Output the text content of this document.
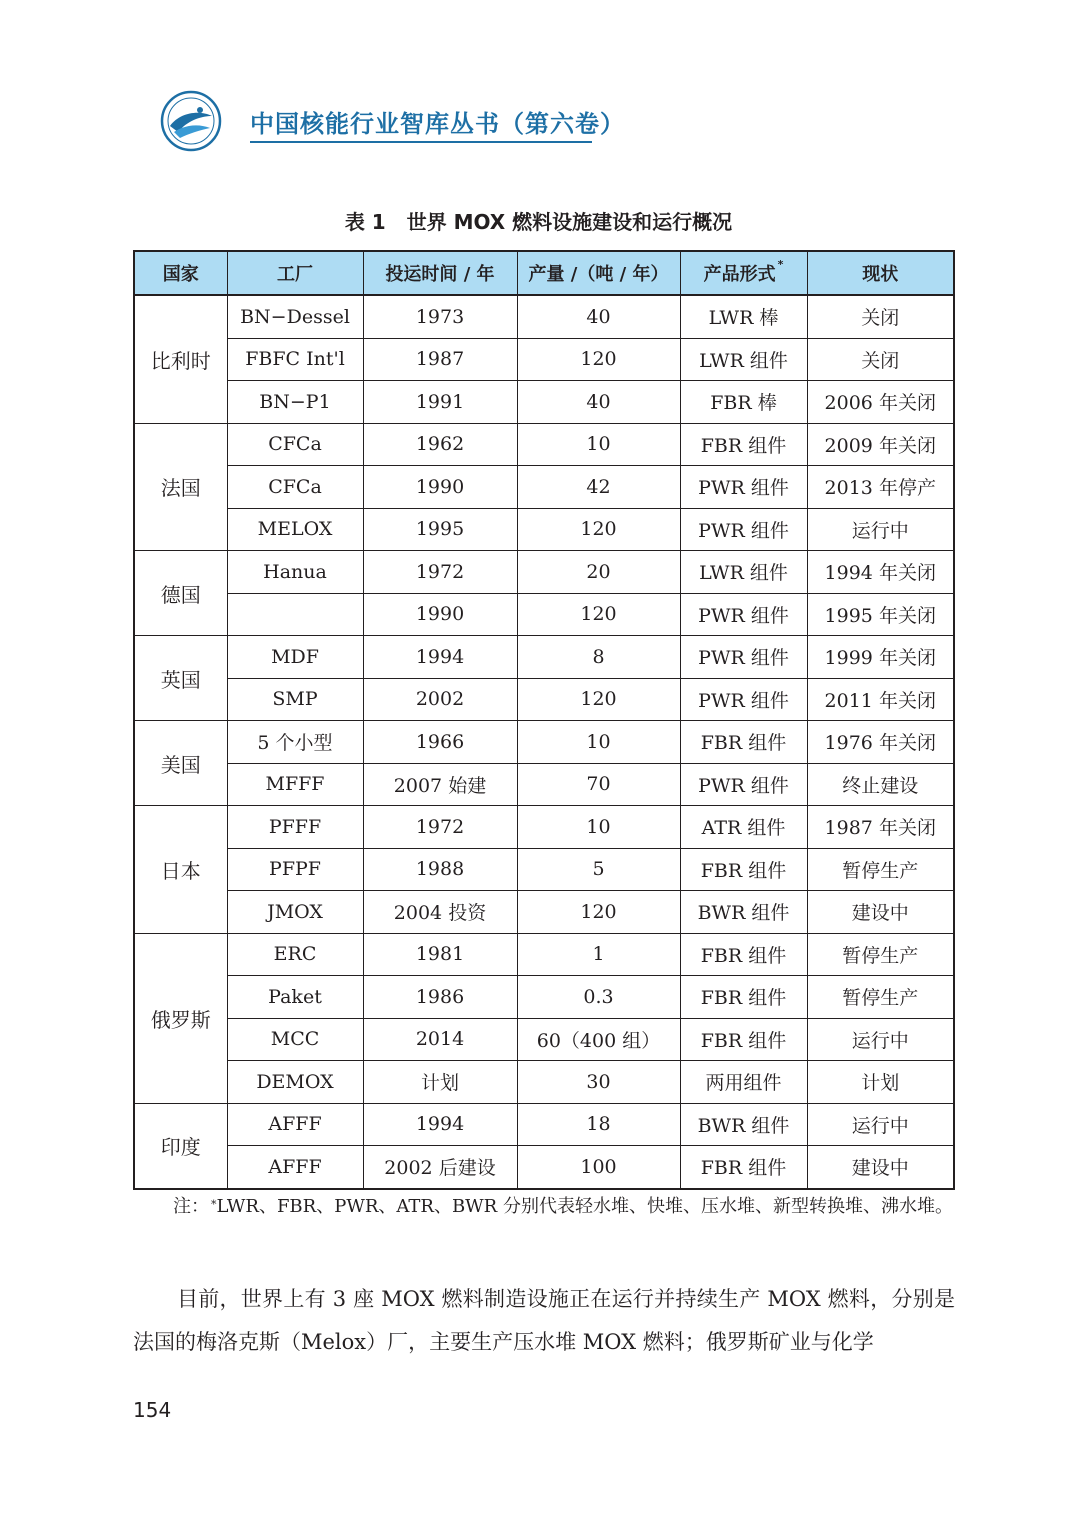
中国核能行业智库丛书（第六卷）
表 1   世界 MOX 燃料设施建设和运行概况
国家	工厂	投运时间 / 年	产量 /（吨 / 年）	产品形式 *	现状
比利时	BN−Dessel	1973	40	LWR 棒	关闭
	FBFC Int'l	1987	120	LWR 组件	关闭
	BN−P1	1991	40	FBR 棒	2006 年关闭
法国	CFCa	1962	10	FBR 组件	2009 年关闭
	CFCa	1990	42	PWR 组件	2013 年停产
	MELOX	1995	120	PWR 组件	运行中
德国	Hanua	1972	20	LWR 组件	1994 年关闭
		1990	120	PWR 组件	1995 年关闭
英国	MDF	1994	8	PWR 组件	1999 年关闭
	SMP	2002	120	PWR 组件	2011 年关闭
美国	5 个小型	1966	10	FBR 组件	1976 年关闭
	MFFF	2007 始建	70	PWR 组件	终止建设
日本	PFFF	1972	10	ATR 组件	1987 年关闭
	PFPF	1988	5	FBR 组件	暂停生产
	JMOX	2004 投资	120	BWR 组件	建设中
俄罗斯	ERC	1981	1	FBR 组件	暂停生产
	Paket	1986	0.3	FBR 组件	暂停生产
	MCC	2014	60（400 组）	FBR 组件	运行中
	DEMOX	计划	30	两用组件	计划
印度	AFFF	1994	18	BWR 组件	运行中
	AFFF	2002 后建设	100	FBR 组件	建设中
注： *LWR、FBR、PWR、ATR、BWR 分别代表轻水堆、快堆、压水堆、新型转换堆、沸水堆。
目前，世界上有 3 座 MOX 燃料制造设施正在运行并持续生产 MOX 燃料，分别是法国的梅洛克斯（Melox）厂，主要生产压水堆 MOX 燃料；俄罗斯矿业与化学
154
